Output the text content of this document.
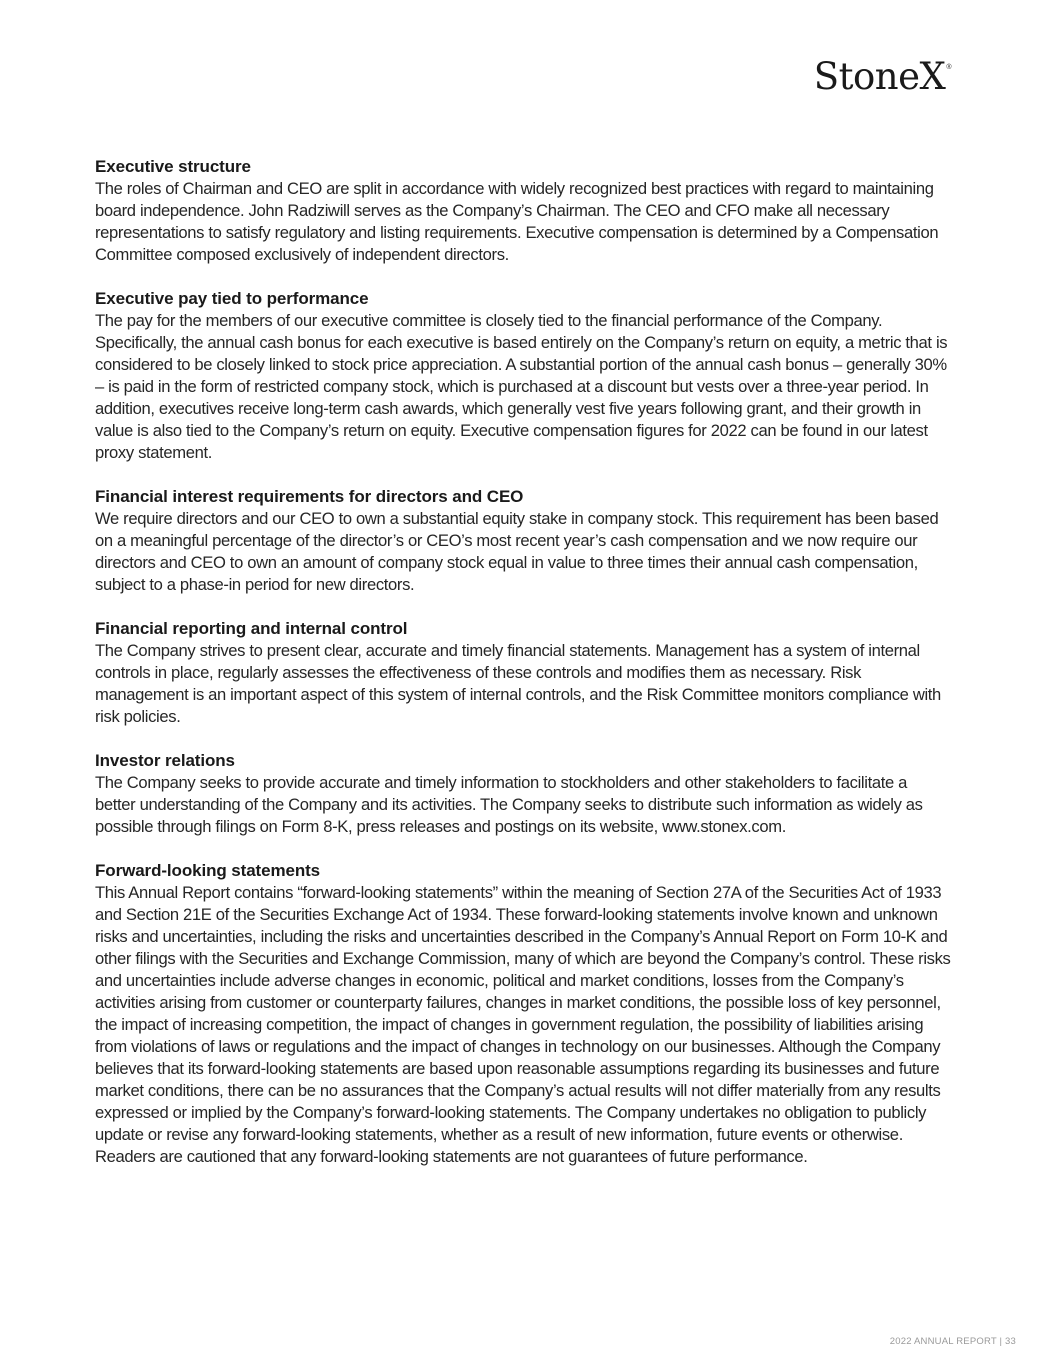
StoneX®
Executive structure

The roles of Chairman and CEO are split in accordance with widely recognized best practices with regard to maintaining board independence. John Radziwill serves as the Company’s Chairman. The CEO and CFO make all necessary representations to satisfy regulatory and listing requirements. Executive compensation is determined by a Compensation Committee composed exclusively of independent directors.

Executive pay tied to performance

The pay for the members of our executive committee is closely tied to the financial performance of the Company. Specifically, the annual cash bonus for each executive is based entirely on the Company’s return on equity, a metric that is considered to be closely linked to stock price appreciation. A substantial portion of the annual cash bonus – generally 30% – is paid in the form of restricted company stock, which is purchased at a discount but vests over a three-year period. In addition, executives receive long-term cash awards, which generally vest five years following grant, and their growth in value is also tied to the Company’s return on equity. Executive compensation figures for 2022 can be found in our latest proxy statement.

Financial interest requirements for directors and CEO

We require directors and our CEO to own a substantial equity stake in company stock. This requirement has been based on a meaningful percentage of the director’s or CEO’s most recent year’s cash compensation and we now require our directors and CEO to own an amount of company stock equal in value to three times their annual cash compensation, subject to a phase-in period for new directors.

Financial reporting and internal control

The Company strives to present clear, accurate and timely financial statements. Management has a system of internal controls in place, regularly assesses the effectiveness of these controls and modifies them as necessary. Risk management is an important aspect of this system of internal controls, and the Risk Committee monitors compliance with risk policies.

Investor relations

The Company seeks to provide accurate and timely information to stockholders and other stakeholders to facilitate a better understanding of the Company and its activities. The Company seeks to distribute such information as widely as possible through filings on Form 8-K, press releases and postings on its website, www.stonex.com.

Forward-looking statements

This Annual Report contains “forward-looking statements” within the meaning of Section 27A of the Securities Act of 1933 and Section 21E of the Securities Exchange Act of 1934. These forward-looking statements involve known and unknown risks and uncertainties, including the risks and uncertainties described in the Company’s Annual Report on Form 10-K and other filings with the Securities and Exchange Commission, many of which are beyond the Company’s control. These risks and uncertainties include adverse changes in economic, political and market conditions, losses from the Company’s activities arising from customer or counterparty failures, changes in market conditions, the possible loss of key personnel, the impact of increasing competition, the impact of changes in government regulation, the possibility of liabilities arising from violations of laws or regulations and the impact of changes in technology on our businesses. Although the Company believes that its forward-looking statements are based upon reasonable assumptions regarding its businesses and future market conditions, there can be no assurances that the Company’s actual results will not differ materially from any results expressed or implied by the Company’s forward-looking statements. The Company undertakes no obligation to publicly update or revise any forward-looking statements, whether as a result of new information, future events or otherwise. Readers are cautioned that any forward-looking statements are not guarantees of future performance.

2022 ANNUAL REPORT | 33
